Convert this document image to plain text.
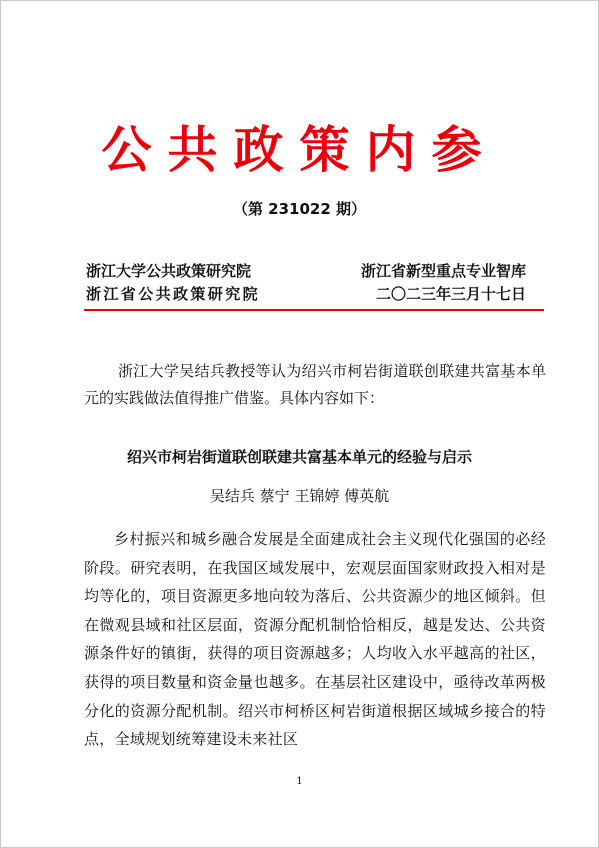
公共政策内参
（第 231022 期）
浙江大学公共政策研究院	浙江省新型重点专业智库
浙江省公共政策研究院	二〇二三年三月十七日
浙江大学吴结兵教授等认为绍兴市柯岩街道联创联建共富基本单元的实践做法值得推广借鉴。具体内容如下：
绍兴市柯岩街道联创联建共富基本单元的经验与启示
吴结兵 蔡宁 王锦婷 傅英航
乡村振兴和城乡融合发展是全面建成社会主义现代化强国的必经阶段。研究表明，在我国区域发展中，宏观层面国家财政投入相对是均等化的，项目资源更多地向较为落后、公共资源少的地区倾斜。但在微观县域和社区层面，资源分配机制恰恰相反，越是发达、公共资源条件好的镇街，获得的项目资源越多；人均收入水平越高的社区，获得的项目数量和资金量也越多。在基层社区建设中，亟待改革两极分化的资源分配机制。绍兴市柯桥区柯岩街道根据区域城乡接合的特点，全域规划统筹建设未来社区
1
